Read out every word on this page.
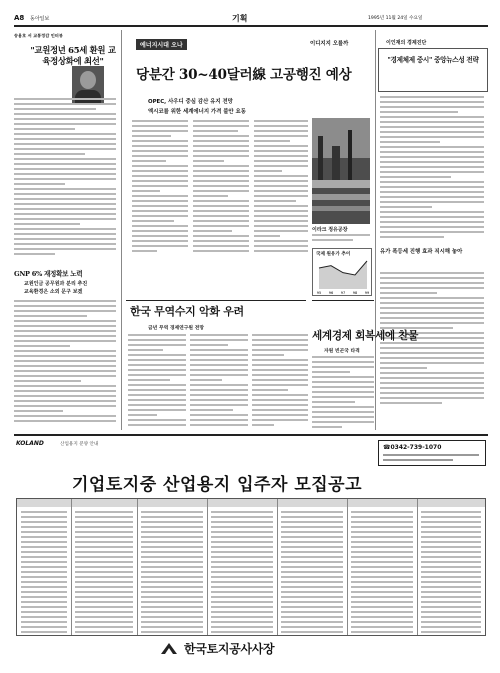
A8 동아일보	기획	1995년 11월 24일 수요일
송용호 서 교통정감 인터뷰
"교원정년 65세 환원 교육정상화에 최선"
GNP 6% 재정확보 노력
교원인금 공무원과 분리 추진
교육환경은 소외 문구 보겠
에너지시대 오나	이디지지 오를까
당분간 30~40달러線 고공행진 예상
OPEC, 사우디 중심 감산 유지 전망
엑시코를 위한 세계에너지 가격 불안 요동
이라크 정유공장
국제 원유가 추이
95 96 97 98 99
이인재의 경제진단
"경제체제 중시" 중앙뉴스성 전략
유가 폭등세 진행 효과 직시해 놓아
한국 무역수지 악화 우려
금년 무역 경제연구원 전망
세계경제 회복세에 찬물
자원 빈곤국 타격
KOLAND	산업용지 분양 안내	☎0342-739-1070
기업토지중 산업용지 입주자 모집공고
한국토지공사사장
